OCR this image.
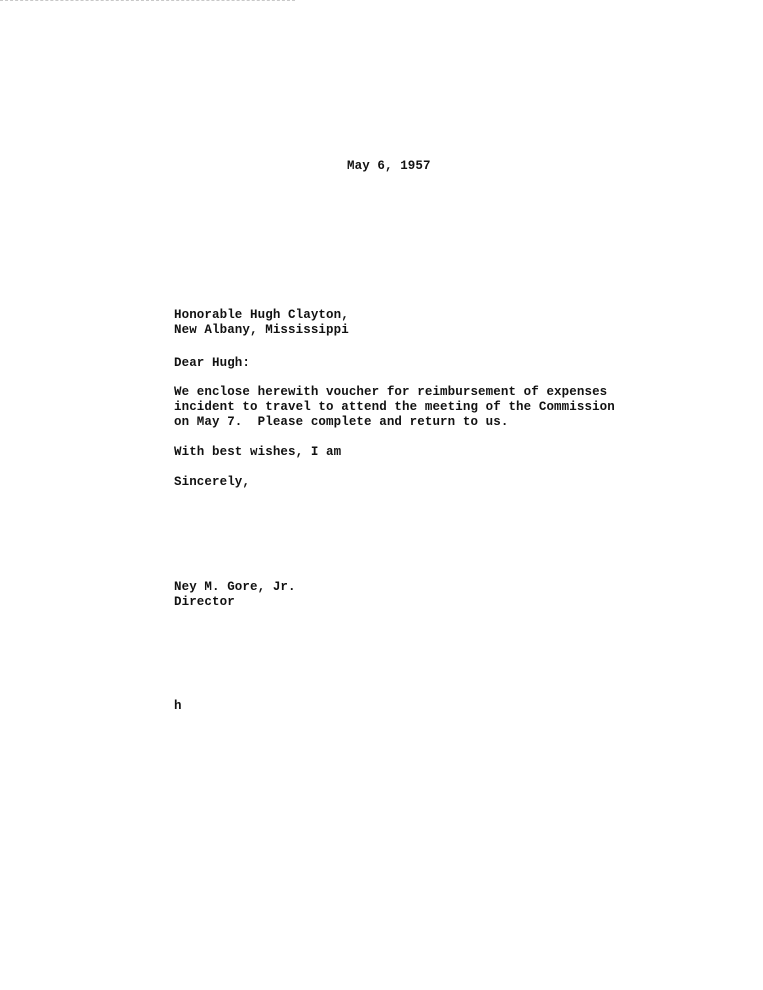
May 6, 1957
Honorable Hugh Clayton,
New Albany, Mississippi
Dear Hugh:
We enclose herewith voucher for reimbursement of expenses
incident to travel to attend the meeting of the Commission
on May 7.  Please complete and return to us.
With best wishes, I am
Sincerely,
Ney M. Gore, Jr.
Director
h
